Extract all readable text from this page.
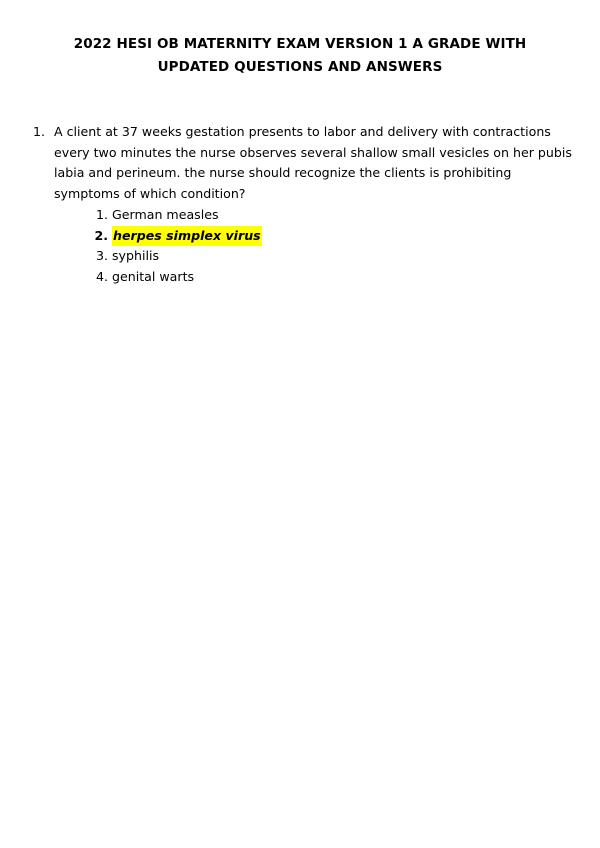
2022 HESI OB MATERNITY EXAM VERSION 1 A GRADE WITH
UPDATED QUESTIONS AND ANSWERS
1. A client at 37 weeks gestation presents to labor and delivery with contractions
every two minutes the nurse observes several shallow small vesicles on her pubis
labia and perineum. the nurse should recognize the clients is prohibiting
symptoms of which condition?
1. German measles
2. herpes simplex virus
3. syphilis
4. genital warts
